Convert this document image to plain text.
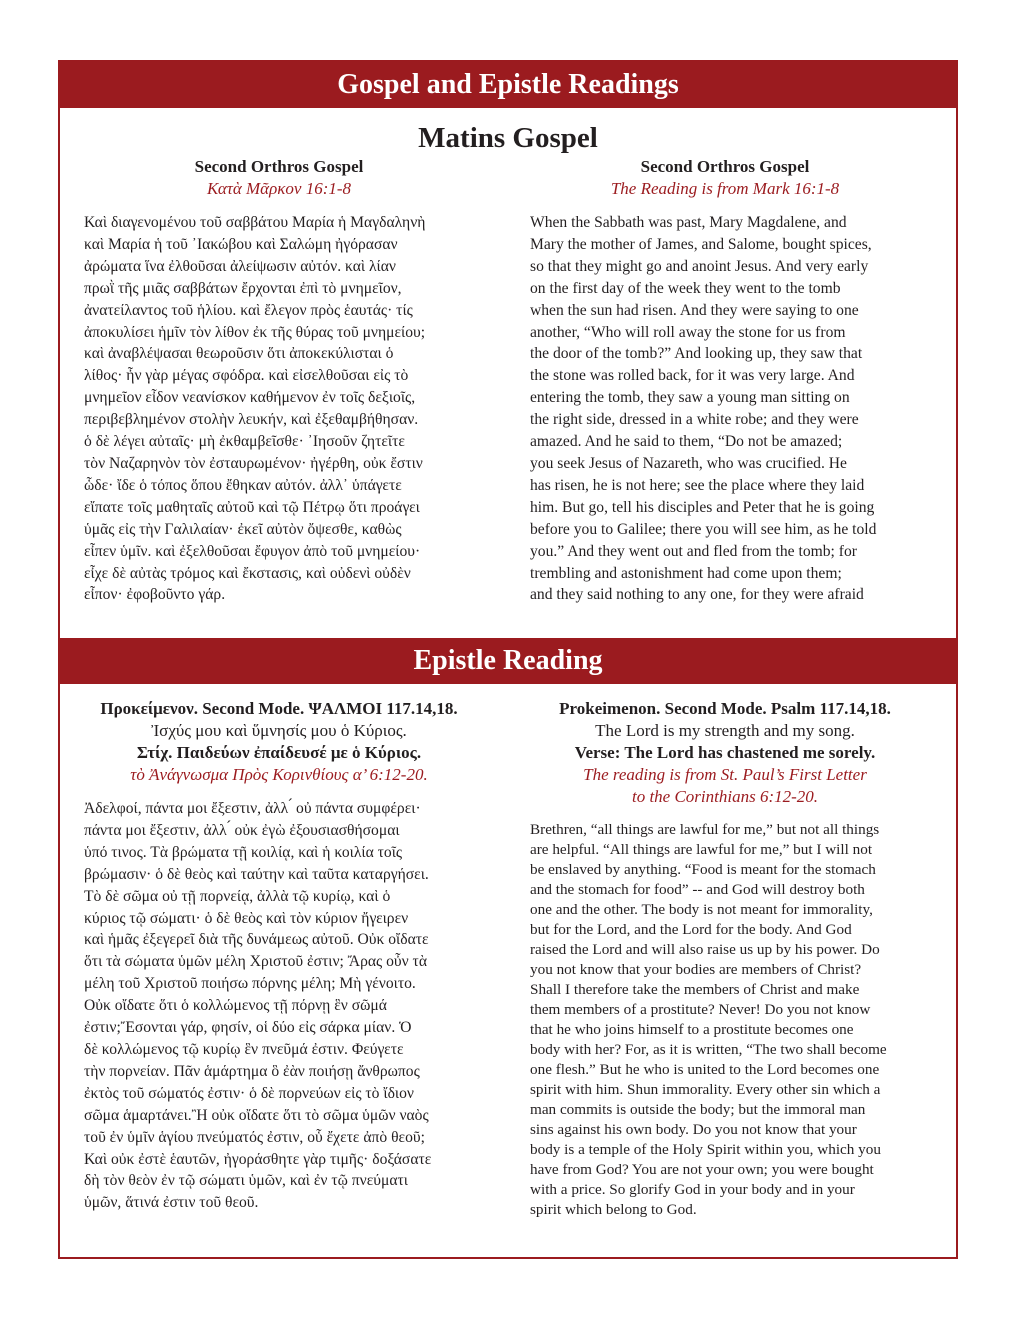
Gospel and Epistle Readings
Matins Gospel
Second Orthros Gospel
Κατὰ Μᾶρκον 16:1-8
Καὶ διαγενομένου τοῦ σαββάτου Μαρία ἡ Μαγδαληνὴ
καὶ Μαρία ἡ τοῦ ᾿Ιακώβου καὶ Σαλώμη ἠγόρασαν
ἀρώματα ἵνα ἐλθοῦσαι ἀλείψωσιν αὐτόν. καὶ λίαν
πρωῒ τῆς μιᾶς σαββάτων ἔρχονται ἐπὶ τὸ μνημεῖον,
ἀνατείλαντος τοῦ ἡλίου. καὶ ἔλεγον πρὸς ἑαυτάς· τίς
ἀποκυλίσει ἡμῖν τὸν λίθον ἐκ τῆς θύρας τοῦ μνημείου;
καὶ ἀναβλέψασαι θεωροῦσιν ὅτι ἀποκεκύλισται ὁ
λίθος· ἦν γὰρ μέγας σφόδρα. καὶ εἰσελθοῦσαι εἰς τὸ
μνημεῖον εἶδον νεανίσκον καθήμενον ἐν τοῖς δεξιοῖς,
περιβεβλημένον στολὴν λευκήν, καὶ ἐξεθαμβήθησαν.
ὁ δὲ λέγει αὐταῖς· μὴ ἐκθαμβεῖσθε· ᾿Ιησοῦν ζητεῖτε
τὸν Ναζαρηνὸν τὸν ἐσταυρωμένον· ἠγέρθη, οὐκ ἔστιν
ὧδε· ἴδε ὁ τόπος ὅπου ἔθηκαν αὐτόν. ἀλλ᾿ ὑπάγετε
εἴπατε τοῖς μαθηταῖς αὐτοῦ καὶ τῷ Πέτρῳ ὅτι προάγει
ὑμᾶς εἰς τὴν Γαλιλαίαν· ἐκεῖ αὐτὸν ὄψεσθε, καθὼς
εἶπεν ὑμῖν. καὶ ἐξελθοῦσαι ἔφυγον ἀπὸ τοῦ μνημείου·
εἶχε δὲ αὐτὰς τρόμος καὶ ἔκστασις, καὶ οὐδενὶ οὐδὲν
εἶπον· ἐφοβοῦντο γάρ.
Second Orthros Gospel
The Reading is from Mark 16:1-8
When the Sabbath was past, Mary Magdalene, and
Mary the mother of James, and Salome, bought spices,
so that they might go and anoint Jesus. And very early
on the first day of the week they went to the tomb
when the sun had risen. And they were saying to one
another, “Who will roll away the stone for us from
the door of the tomb?” And looking up, they saw that
the stone was rolled back, for it was very large. And
entering the tomb, they saw a young man sitting on
the right side, dressed in a white robe; and they were
amazed. And he said to them, “Do not be amazed;
you seek Jesus of Nazareth, who was crucified. He
has risen, he is not here; see the place where they laid
him. But go, tell his disciples and Peter that he is going
before you to Galilee; there you will see him, as he told
you.” And they went out and fled from the tomb; for
trembling and astonishment had come upon them;
and they said nothing to any one, for they were afraid
Epistle Reading
Προκείμενον. Second Mode. ΨΑΛΜΟΙ 117.14,18.
Ἰσχύς μου καὶ ὕμνησίς μου ὁ Κύριος.
Στίχ. Παιδεύων ἐπαίδευσέ με ὁ Κύριος.
τὸ Ἀνάγνωσμα Πρὸς Κορινθίους α’ 6:12-20.
Ἀδελφοί, πάντα μοι ἔξεστιν, ἀλλ ́ οὐ πάντα συμφέρει·
πάντα μοι ἔξεστιν, ἀλλ ́ οὐκ ἐγὼ ἐξουσιασθήσομαι
ὑπό τινος. Τὰ βρώματα τῇ κοιλίᾳ, καὶ ἡ κοιλία τοῖς
βρώμασιν· ὁ δὲ θεὸς καὶ ταύτην καὶ ταῦτα καταργήσει.
Τὸ δὲ σῶμα οὐ τῇ πορνείᾳ, ἀλλὰ τῷ κυρίῳ, καὶ ὁ
κύριος τῷ σώματι· ὁ δὲ θεὸς καὶ τὸν κύριον ἤγειρεν
καὶ ἡμᾶς ἐξεγερεῖ διὰ τῆς δυνάμεως αὐτοῦ. Οὐκ οἴδατε
ὅτι τὰ σώματα ὑμῶν μέλη Χριστοῦ ἐστιν; Ἄρας οὖν τὰ
μέλη τοῦ Χριστοῦ ποιήσω πόρνης μέλη; Μὴ γένοιτο.
Οὐκ οἴδατε ὅτι ὁ κολλώμενος τῇ πόρνῃ ἓν σῶμά
ἐστιν;Ἔσονται γάρ, φησίν, οἱ δύο εἰς σάρκα μίαν. Ὁ
δὲ κολλώμενος τῷ κυρίῳ ἓν πνεῦμά ἐστιν. Φεύγετε
τὴν πορνείαν. Πᾶν ἁμάρτημα ὃ ἐὰν ποιήσῃ ἄνθρωπος
ἐκτὸς τοῦ σώματός ἐστιν· ὁ δὲ πορνεύων εἰς τὸ ἴδιον
σῶμα ἁμαρτάνει.Ἢ οὐκ οἴδατε ὅτι τὸ σῶμα ὑμῶν ναὸς
τοῦ ἐν ὑμῖν ἁγίου πνεύματός ἐστιν, οὗ ἔχετε ἀπὸ θεοῦ;
Καὶ οὐκ ἐστὲ ἑαυτῶν, ἠγοράσθητε γὰρ τιμῆς· δοξάσατε
δὴ τὸν θεὸν ἐν τῷ σώματι ὑμῶν, καὶ ἐν τῷ πνεύματι
ὑμῶν, ἅτινά ἐστιν τοῦ θεοῦ.
Prokeimenon. Second Mode. Psalm 117.14,18.
The Lord is my strength and my song.
Verse: The Lord has chastened me sorely.
The reading is from St. Paul’s First Letter
to the Corinthians 6:12-20.
Brethren, “all things are lawful for me,” but not all things
are helpful. “All things are lawful for me,” but I will not
be enslaved by anything. “Food is meant for the stomach
and the stomach for food” -- and God will destroy both
one and the other. The body is not meant for immorality,
but for the Lord, and the Lord for the body. And God
raised the Lord and will also raise us up by his power. Do
you not know that your bodies are members of Christ?
Shall I therefore take the members of Christ and make
them members of a prostitute? Never! Do you not know
that he who joins himself to a prostitute becomes one
body with her? For, as it is written, “The two shall become
one flesh.” But he who is united to the Lord becomes one
spirit with him. Shun immorality. Every other sin which a
man commits is outside the body; but the immoral man
sins against his own body. Do you not know that your
body is a temple of the Holy Spirit within you, which you
have from God? You are not your own; you were bought
with a price. So glorify God in your body and in your
spirit which belong to God.
